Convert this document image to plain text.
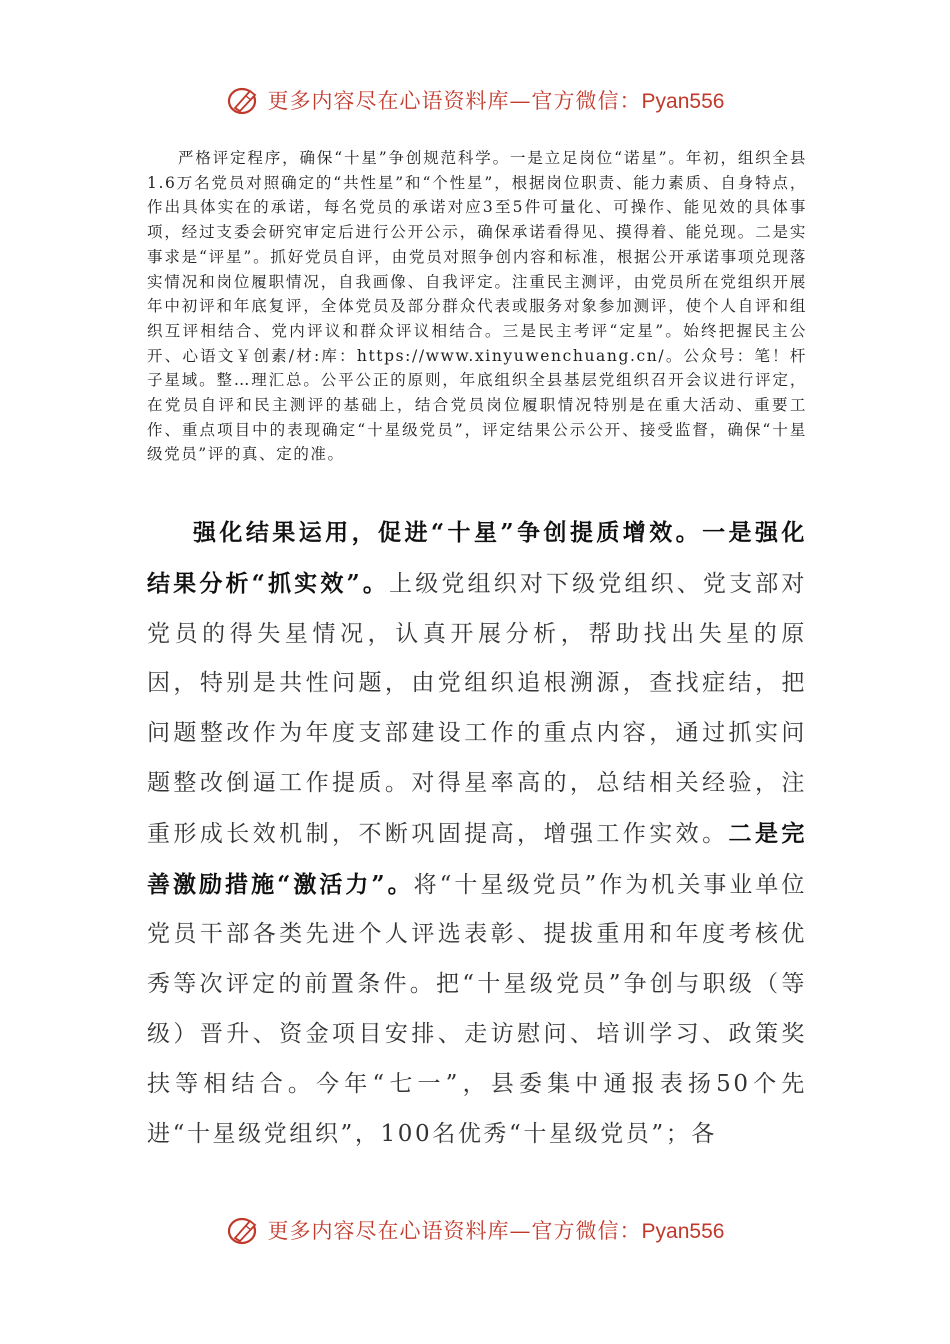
更多内容尽在心语资料库—官方微信：Pyan556

严格评定程序，确保“十星”争创规范科学。一是立足岗位“诺星”。年初，组织全县1.6万名党员对照确定的“共性星”和“个性星”，根据岗位职责、能力素质、自身特点，作出具体实在的承诺，每名党员的承诺对应3至5件可量化、可操作、能见效的具体事项，经过支委会研究审定后进行公开公示，确保承诺看得见、摸得着、能兑现。二是实事求是“评星”。抓好党员自评，由党员对照争创内容和标准，根据公开承诺事项兑现落实情况和岗位履职情况，自我画像、自我评定。注重民主测评，由党员所在党组织开展年中初评和年底复评，全体党员及部分群众代表或服务对象参加测评，使个人自评和组织互评相结合、党内评议和群众评议相结合。三是民主考评“定星”。始终把握民主公开、心语文￥创素/材:库：https://www.xinyuwenchuang.cn/。公众号：笔！杆子星域。整…理汇总。公平公正的原则，年底组织全县基层党组织召开会议进行评定，在党员自评和民主测评的基础上，结合党员岗位履职情况特别是在重大活动、重要工作、重点项目中的表现确定“十星级党员”，评定结果公示公开、接受监督，确保“十星级党员”评的真、定的准。

强化结果运用，促进“十星”争创提质增效。一是强化结果分析“抓实效”。上级党组织对下级党组织、党支部对党员的得失星情况，认真开展分析，帮助找出失星的原因，特别是共性问题，由党组织追根溯源，查找症结，把问题整改作为年度支部建设工作的重点内容，通过抓实问题整改倒逼工作提质。对得星率高的，总结相关经验，注重形成长效机制，不断巩固提高，增强工作实效。二是完善激励措施“激活力”。将“十星级党员”作为机关事业单位党员干部各类先进个人评选表彰、提拔重用和年度考核优秀等次评定的前置条件。把“十星级党员”争创与职级（等级）晋升、资金项目安排、走访慰问、培训学习、政策奖扶等相结合。今年“七一”，县委集中通报表扬50个先进“十星级党组织”，100名优秀“十星级党员”；各

更多内容尽在心语资料库—官方微信：Pyan556
